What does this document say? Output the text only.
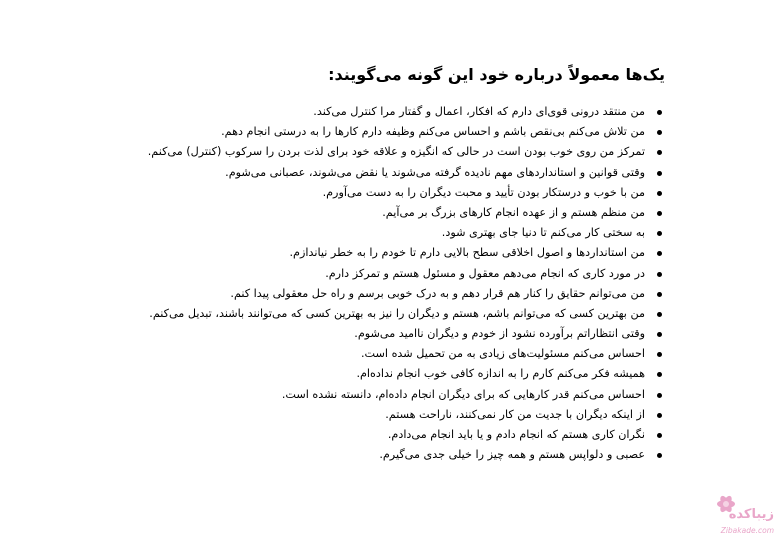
یک‌ها معمولاً درباره خود این گونه می‌گویند:
من منتقد درونی قوی‌ای دارم که افکار، اعمال و گفتار مرا کنترل می‌کند.
من تلاش می‌کنم بی‌نقص باشم و احساس می‌کنم وظیفه دارم کارها را به درستی انجام دهم.
تمرکز من روی خوب بودن است در حالی که انگیزه و علاقه خود برای لذت بردن را سرکوب (کنترل) می‌کنم.
وقتی قوانین و استانداردهای مهم نادیده گرفته می‌شوند یا نقض می‌شوند، عصبانی می‌شوم.
من با خوب و درستکار بودن تأیید و محبت دیگران را به دست می‌آورم.
من منظم هستم و از عهده انجام کارهای بزرگ بر می‌آیم.
به سختی کار می‌کنم تا دنیا جای بهتری شود.
من استانداردها و اصول اخلاقی سطح بالایی دارم تا خودم را به خطر نیاندازم.
در مورد کاری که انجام می‌دهم معقول و مسئول هستم و تمرکز دارم.
من می‌توانم حقایق را کنار هم قرار دهم و به درک خوبی برسم و راه حل معقولی پیدا کنم.
من بهترین کسی که می‌توانم باشم، هستم و دیگران را نیز به بهترین کسی که می‌توانند باشند، تبدیل می‌کنم.
وقتی انتظاراتم برآورده نشود از خودم و دیگران ناامید می‌شوم.
احساس می‌کنم مسئولیت‌های زیادی به من تحمیل شده است.
همیشه فکر می‌کنم کارم را به اندازه کافی خوب انجام نداده‌ام.
احساس می‌کنم قدر کارهایی که برای دیگران انجام داده‌ام، دانسته نشده است.
از اینکه دیگران با جدیت من کار نمی‌کنند، ناراحت هستم.
نگران کاری هستم که انجام دادم و یا باید انجام می‌دادم.
عصبی و دلواپس هستم و همه چیز را خیلی جدی می‌گیرم.
زیباکده
Zibakade.com
